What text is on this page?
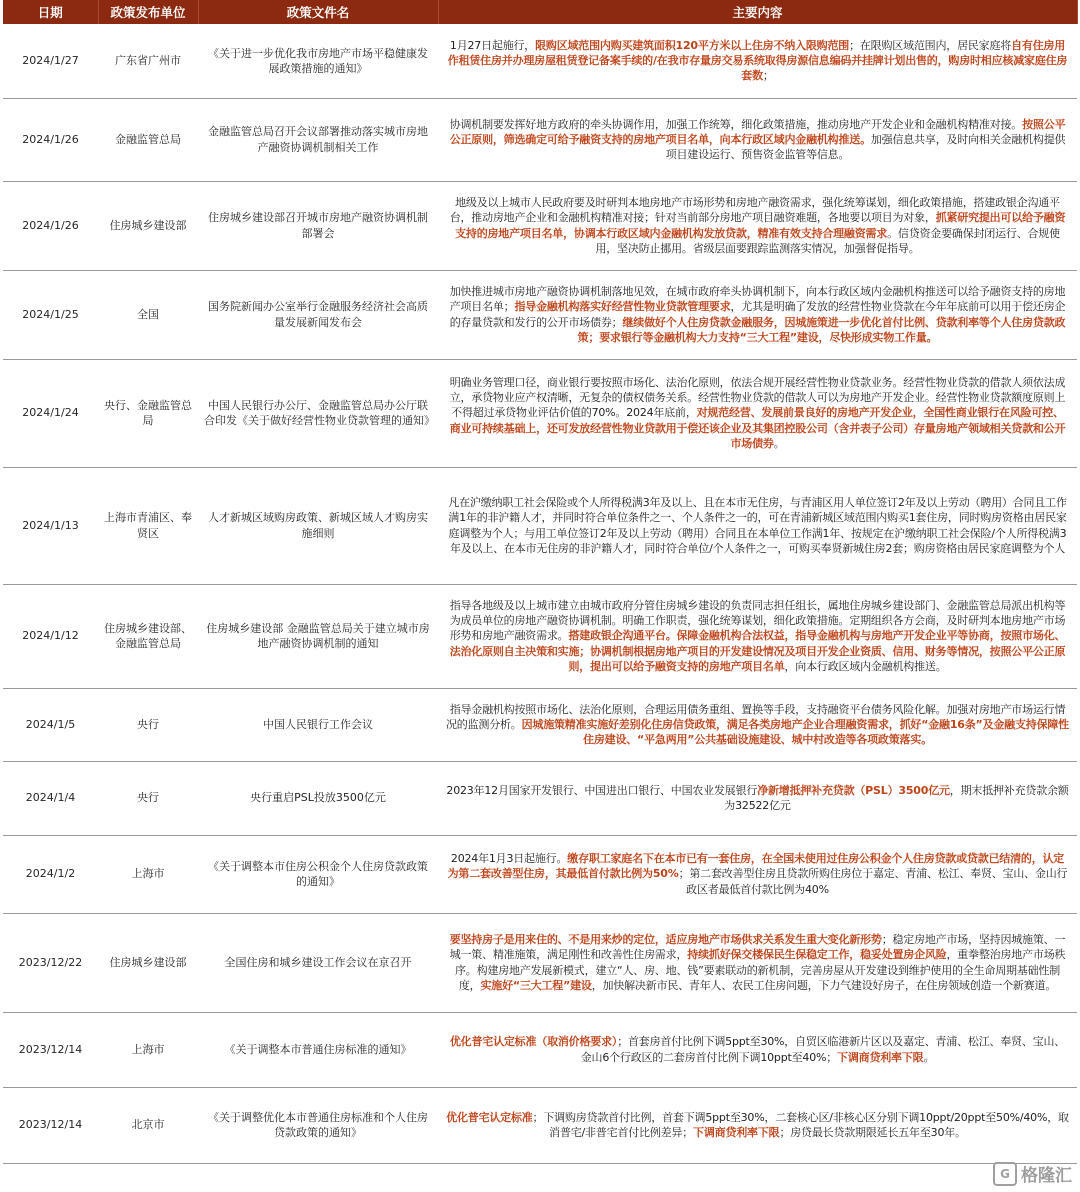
日期	政策发布单位	政策文件名	主要内容
2024/1/27	广东省广州市	《关于进一步优化我市房地产市场平稳健康发展政策措施的通知》	1月27日起施行，限购区域范围内购买建筑面积120平方米以上住房不纳入限购范围；在限购区域范围内，居民家庭将自有住房用作租赁住房并办理房屋租赁登记备案手续的/在我市存量房交易系统取得房源信息编码并挂牌计划出售的，购房时相应核减家庭住房套数；
2024/1/26	金融监管总局	金融监管总局召开会议部署推动落实城市房地产融资协调机制相关工作	协调机制要发挥好地方政府的牵头协调作用，加强工作统筹，细化政策措施，推动房地产开发企业和金融机构精准对接。按照公平公正原则，筛选确定可给予融资支持的房地产项目名单，向本行政区域内金融机构推送。加强信息共享，及时向相关金融机构提供项目建设运行、预售资金监管等信息。
2024/1/26	住房城乡建设部	住房城乡建设部召开城市房地产融资协调机制部署会	地级及以上城市人民政府要及时研判本地房地产市场形势和房地产融资需求，强化统筹谋划，细化政策措施，搭建政银企沟通平台，推动房地产企业和金融机构精准对接；针对当前部分房地产项目融资难题，各地要以项目为对象，抓紧研究提出可以给予融资支持的房地产项目名单，协调本行政区域内金融机构发放贷款，精准有效支持合理融资需求。信贷资金要确保封闭运行、合规使用，坚决防止挪用。省级层面要跟踪监测落实情况，加强督促指导。
2024/1/25	全国	国务院新闻办公室举行金融服务经济社会高质量发展新闻发布会	加快推进城市房地产融资协调机制落地见效，在城市政府牵头协调机制下，向本行政区域内金融机构推送可以给予融资支持的房地产项目名单；指导金融机构落实好经营性物业贷款管理要求，尤其是明确了发放的经营性物业贷款在今年年底前可以用于偿还房企的存量贷款和发行的公开市场债券；继续做好个人住房贷款金融服务，因城施策进一步优化首付比例、贷款利率等个人住房贷款政策；要求银行等金融机构大力支持“三大工程”建设，尽快形成实物工作量。
2024/1/24	央行、金融监管总局	中国人民银行办公厅、金融监管总局办公厅联合印发《关于做好经营性物业贷款管理的通知》	明确业务管理口径，商业银行要按照市场化、法治化原则，依法合规开展经营性物业贷款业务。经营性物业贷款的借款人须依法成立，承贷物业应产权清晰，无复杂的债权债务关系。经营性物业贷款的借款人可以为房地产开发企业。经营性物业贷款额度原则上不得超过承贷物业评估价值的70%。2024年底前，对规范经营、发展前景良好的房地产开发企业，全国性商业银行在风险可控、商业可持续基础上，还可发放经营性物业贷款用于偿还该企业及其集团控股公司（含并表子公司）存量房地产领域相关贷款和公开市场债券。
2024/1/13	上海市青浦区、奉贤区	人才新城区域购房政策、新城区域人才购房实施细则	凡在沪缴纳职工社会保险或个人所得税满3年及以上、且在本市无住房，与青浦区用人单位签订2年及以上劳动（聘用）合同且工作满1年的非沪籍人才，并同时符合单位条件之一、个人条件之一的，可在青浦新城区域范围内购买1套住房，同时购房资格由居民家庭调整为个人；与用工单位签订2年及以上劳动（聘用）合同且在本单位工作满1年、按规定在沪缴纳职工社会保险/个人所得税满3年及以上、在本市无住房的非沪籍人才，同时符合单位/个人条件之一，可购买奉贤新城住房2套；购房资格由居民家庭调整为个人
2024/1/12	住房城乡建设部、金融监管总局	住房城乡建设部 金融监管总局关于建立城市房地产融资协调机制的通知	指导各地级及以上城市建立由城市政府分管住房城乡建设的负责同志担任组长，属地住房城乡建设部门、金融监管总局派出机构等为成员单位的房地产融资协调机制。明确工作职责，强化统筹谋划，细化政策措施。定期组织各方会商，及时研判本地房地产市场形势和房地产融资需求。搭建政银企沟通平台。保障金融机构合法权益，指导金融机构与房地产开发企业平等协商，按照市场化、法治化原则自主决策和实施；协调机制根据房地产项目的开发建设情况及项目开发企业资质、信用、财务等情况，按照公平公正原则，提出可以给予融资支持的房地产项目名单，向本行政区域内金融机构推送。
2024/1/5	央行	中国人民银行工作会议	指导金融机构按照市场化、法治化原则，合理运用债务重组、置换等手段，支持融资平台债务风险化解。加强对房地产市场运行情况的监测分析。因城施策精准实施好差别化住房信贷政策，满足各类房地产企业合理融资需求，抓好“金融16条”及金融支持保障性住房建设、“平急两用”公共基础设施建设、城中村改造等各项政策落实。
2024/1/4	央行	央行重启PSL投放3500亿元	2023年12月国家开发银行、中国进出口银行、中国农业发展银行净新增抵押补充贷款（PSL）3500亿元，期末抵押补充贷款余额为32522亿元
2024/1/2	上海市	《关于调整本市住房公积金个人住房贷款政策的通知》	2024年1月3日起施行。缴存职工家庭名下在本市已有一套住房，在全国未使用过住房公积金个人住房贷款或贷款已结清的，认定为第二套改善型住房，其最低首付款比例为50%；第二套改善型住房且贷款所购住房位于嘉定、青浦、松江、奉贤、宝山、金山行政区者最低首付款比例为40%
2023/12/22	住房城乡建设部	全国住房和城乡建设工作会议在京召开	要坚持房子是用来住的、不是用来炒的定位，适应房地产市场供求关系发生重大变化新形势；稳定房地产市场，坚持因城施策、一城一策、精准施策，满足刚性和改善性住房需求，持续抓好保交楼保民生保稳定工作，稳妥处置房企风险，重拳整治房地产市场秩序。构建房地产发展新模式，建立“人、房、地、钱”要素联动的新机制，完善房屋从开发建设到维护使用的全生命周期基础性制度，实施好“三大工程”建设，加快解决新市民、青年人、农民工住房问题，下力气建设好房子，在住房领域创造一个新赛道。
2023/12/14	上海市	《关于调整本市普通住房标准的通知》	优化普宅认定标准（取消价格要求）；首套房首付比例下调5ppt至30%，自贸区临港新片区以及嘉定、青浦、松江、奉贤、宝山、金山6个行政区的二套房首付比例下调10ppt至40%；下调商贷利率下限。
2023/12/14	北京市	《关于调整优化本市普通住房标准和个人住房贷款政策的通知》	优化普宅认定标准；下调购房贷款首付比例，首套下调5ppt至30%，二套核心区/非核心区分别下调10ppt/20ppt至50%/40%，取消普宅/非普宅首付比例差异；下调商贷利率下限；房贷最长贷款期限延长五年至30年。
G 格隆汇
